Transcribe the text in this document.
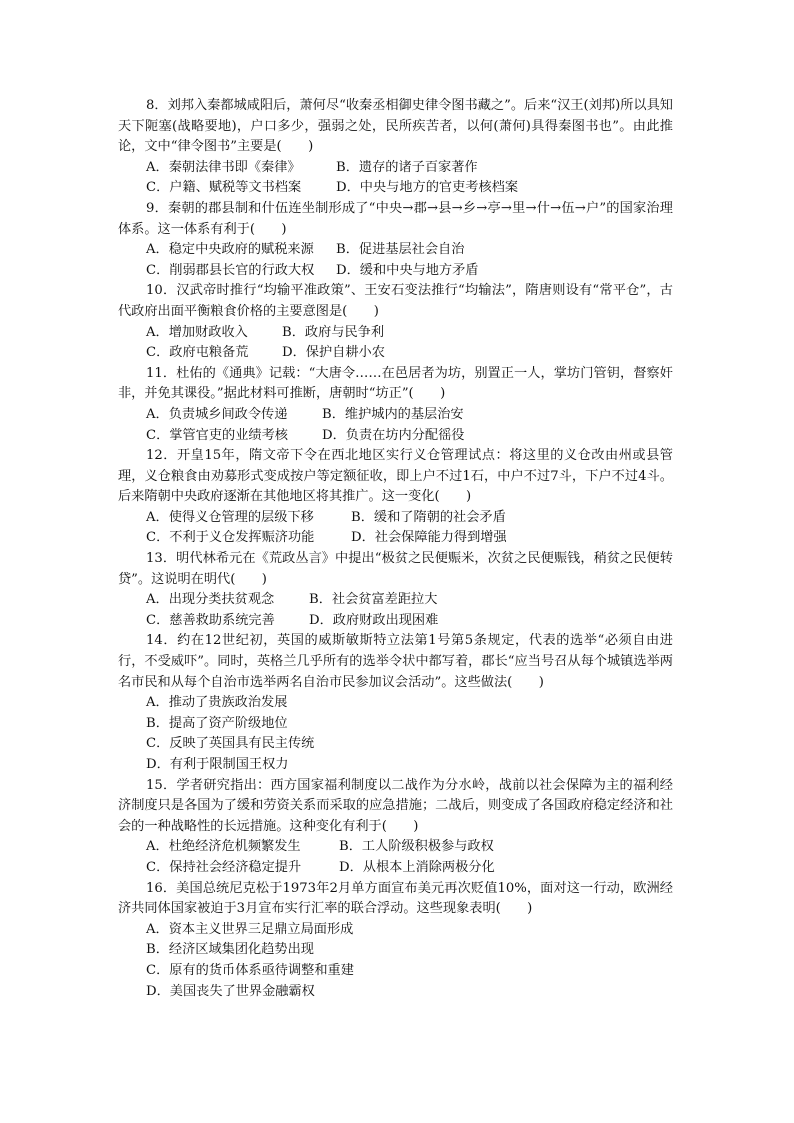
8．刘邦入秦都城咸阳后，萧何尽“收秦丞相御史律令图书藏之”。后来“汉王(刘邦)所以具知天下阨塞(战略要地)，户口多少，强弱之处，民所疾苦者，以何(萧何)具得秦图书也”。由此推论，文中“律令图书”主要是(　　)
A．秦朝法律书即《秦律》	B．遗存的诸子百家著作
C．户籍、赋税等文书档案	D．中央与地方的官吏考核档案
9．秦朝的郡县制和什伍连坐制形成了“中央→郡→县→乡→亭→里→什→伍→户”的国家治理体系。这一体系有利于(　　)
A．稳定中央政府的赋税来源	B．促进基层社会自治
C．削弱郡县长官的行政大权	D．缓和中央与地方矛盾
10．汉武帝时推行“均输平准政策”、王安石变法推行“均输法”，隋唐则设有“常平仓”，古代政府出面平衡粮食价格的主要意图是(　　)
A．增加财政收入	B．政府与民争利
C．政府屯粮备荒	D．保护自耕小农
11．杜佑的《通典》记载：“大唐令……在邑居者为坊，别置正一人，掌坊门管钥，督察奸非，并免其课役。”据此材料可推断，唐朝时“坊正”(　　)
A．负责城乡间政令传递	B．维护城内的基层治安
C．掌管官吏的业绩考核	D．负责在坊内分配徭役
12．开皇15年，隋文帝下令在西北地区实行义仓管理试点：将这里的义仓改由州或县管理，义仓粮食由劝募形式变成按户等定额征收，即上户不过1石，中户不过7斗，下户不过4斗。后来隋朝中央政府逐渐在其他地区将其推广。这一变化(　　)
A．使得义仓管理的层级下移	B．缓和了隋朝的社会矛盾
C．不利于义仓发挥赈济功能	D．社会保障能力得到增强
13．明代林希元在《荒政丛言》中提出“极贫之民便赈米，次贫之民便赈钱，稍贫之民便转贷”。这说明在明代(　　)
A．出现分类扶贫观念	B．社会贫富差距拉大
C．慈善救助系统完善	D．政府财政出现困难
14．约在12世纪初，英国的威斯敏斯特立法第1号第5条规定，代表的选举“必须自由进行，不受威吓”。同时，英格兰几乎所有的选举令状中都写着，郡长“应当号召从每个城镇选举两名市民和从每个自治市选举两名自治市民参加议会活动”。这些做法(　　)
A．推动了贵族政治发展
B．提高了资产阶级地位
C．反映了英国具有民主传统
D．有利于限制国王权力
15．学者研究指出：西方国家福利制度以二战作为分水岭，战前以社会保障为主的福利经济制度只是各国为了缓和劳资关系而采取的应急措施；二战后，则变成了各国政府稳定经济和社会的一种战略性的长远措施。这种变化有利于(　　)
A．杜绝经济危机频繁发生	B．工人阶级积极参与政权
C．保持社会经济稳定提升	D．从根本上消除两极分化
16．美国总统尼克松于1973年2月单方面宣布美元再次贬值10%，面对这一行动，欧洲经济共同体国家被迫于3月宣布实行汇率的联合浮动。这些现象表明(　　)
A．资本主义世界三足鼎立局面形成
B．经济区域集团化趋势出现
C．原有的货币体系亟待调整和重建
D．美国丧失了世界金融霸权
